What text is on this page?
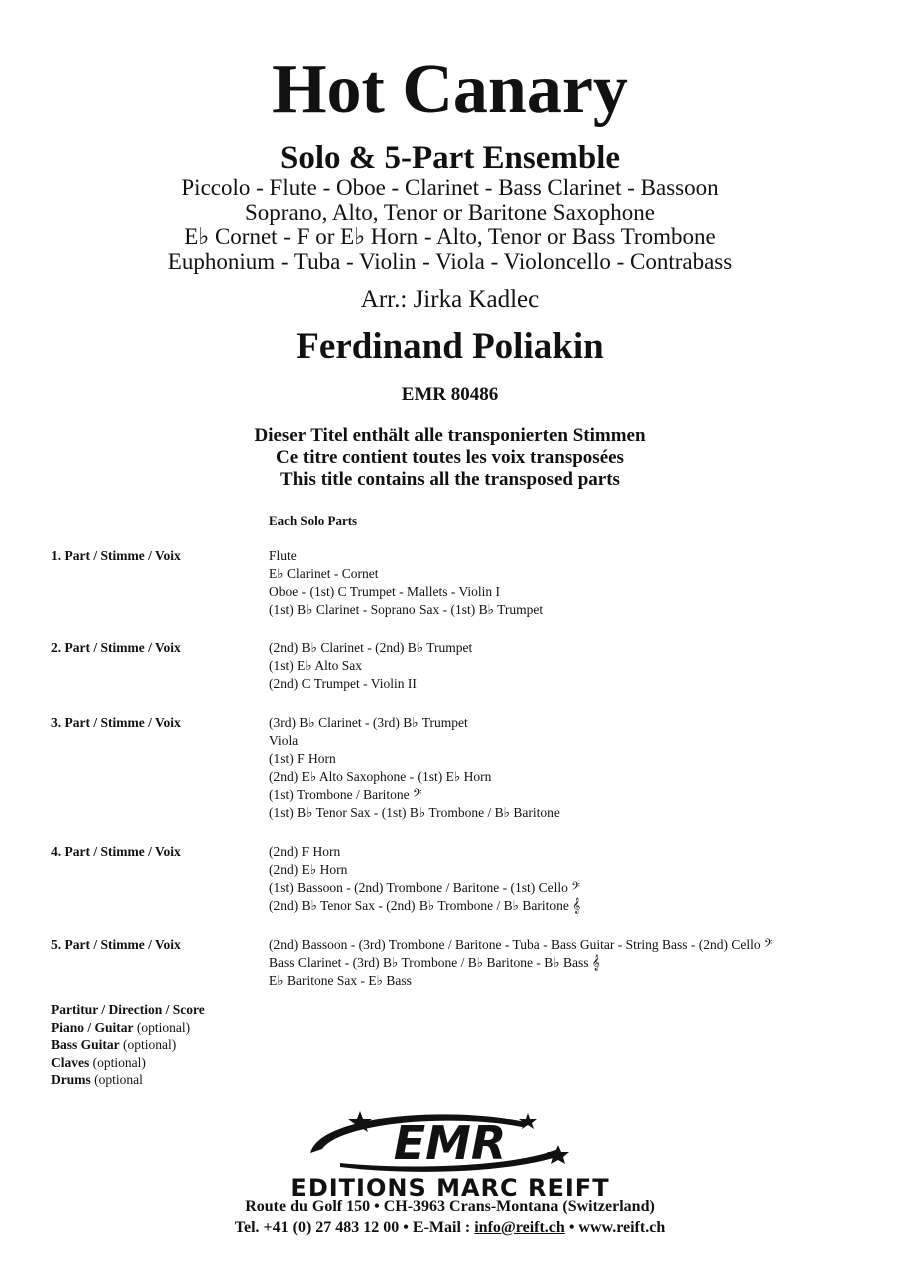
Hot Canary
Solo & 5-Part Ensemble
Piccolo - Flute - Oboe - Clarinet - Bass Clarinet - Bassoon
Soprano, Alto, Tenor or Baritone Saxophone
E♭ Cornet - F or E♭ Horn - Alto, Tenor or Bass Trombone
Euphonium - Tuba - Violin - Viola - Violoncello - Contrabass
Arr.: Jirka Kadlec
Ferdinand Poliakin
EMR 80486
Dieser Titel enthält alle transponierten Stimmen
Ce titre contient toutes les voix transposées
This title contains all the transposed parts
Each Solo Parts
1. Part / Stimme / Voix	Flute
E♭ Clarinet - Cornet
Oboe - (1st) C Trumpet - Mallets - Violin I
(1st) B♭ Clarinet - Soprano Sax - (1st) B♭ Trumpet
2. Part / Stimme / Voix	(2nd) B♭ Clarinet - (2nd) B♭ Trumpet
(1st) E♭ Alto Sax
(2nd) C Trumpet - Violin II
3. Part / Stimme / Voix	(3rd) B♭ Clarinet - (3rd) B♭ Trumpet
Viola
(1st) F Horn
(2nd) E♭ Alto Saxophone - (1st) E♭ Horn
(1st) Trombone / Baritone 𝄢
(1st) B♭ Tenor Sax - (1st) B♭ Trombone / B♭ Baritone
4. Part / Stimme / Voix	(2nd) F Horn
(2nd) E♭ Horn
(1st) Bassoon - (2nd) Trombone / Baritone - (1st) Cello 𝄢
(2nd) B♭ Tenor Sax - (2nd) B♭ Trombone / B♭ Baritone 𝄞
5. Part / Stimme / Voix	(2nd) Bassoon - (3rd) Trombone / Baritone - Tuba - Bass Guitar - String Bass - (2nd) Cello 𝄢
Bass Clarinet - (3rd) B♭ Trombone / B♭ Baritone - B♭ Bass 𝄞
E♭ Baritone Sax - E♭ Bass
Partitur / Direction / Score
Piano / Guitar (optional)
Bass Guitar (optional)
Claves (optional)
Drums (optional
EMR
EDITIONS MARC REIFT
Route du Golf 150 • CH-3963 Crans-Montana (Switzerland)
Tel. +41 (0) 27 483 12 00 • E-Mail : info@reift.ch • www.reift.ch
